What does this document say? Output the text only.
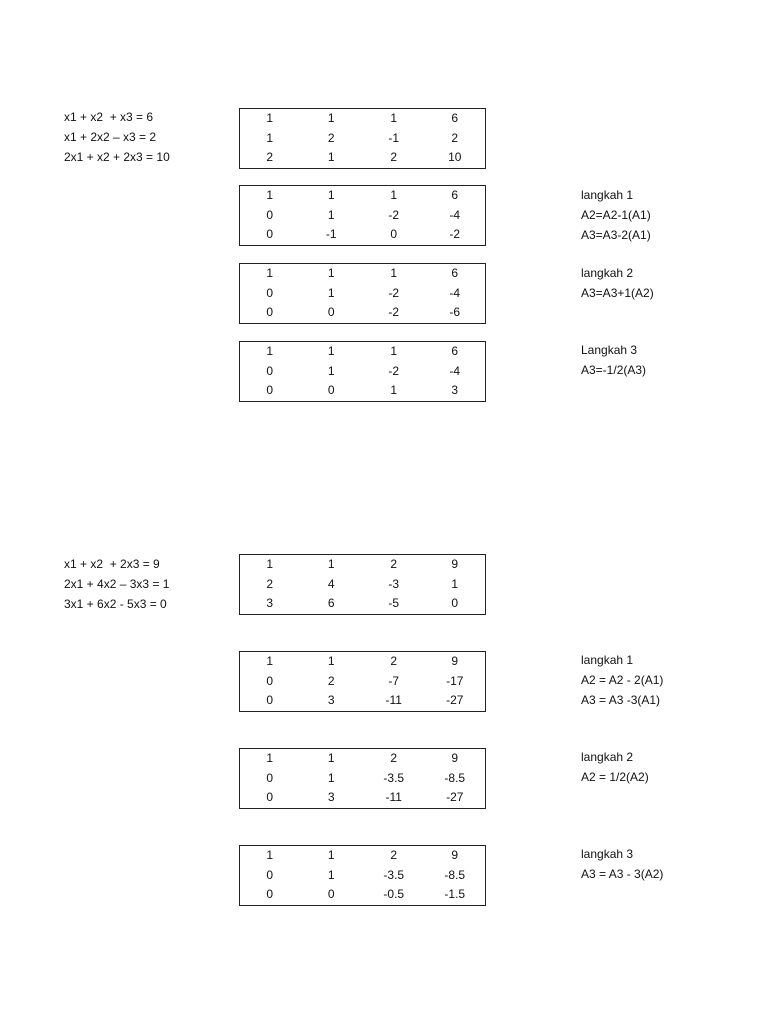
x1 + x2  + x3 = 6
x1 + 2x2 – x3 = 2
2x1 + x2 + 2x3 = 10
1	1	1	6
1	2	-1	2
2	1	2	10
1	1	1	6
0	1	-2	-4
0	-1	0	-2
langkah 1
A2=A2-1(A1)
A3=A3-2(A1)
1	1	1	6
0	1	-2	-4
0	0	-2	-6
langkah 2
A3=A3+1(A2)
1	1	1	6
0	1	-2	-4
0	0	1	3
Langkah 3
A3=-1/2(A3)
x1 + x2  + 2x3 = 9
2x1 + 4x2 – 3x3 = 1
3x1 + 6x2 - 5x3 = 0
1	1	2	9
2	4	-3	1
3	6	-5	0
1	1	2	9
0	2	-7	-17
0	3	-11	-27
langkah 1
A2 = A2 - 2(A1)
A3 = A3 -3(A1)
1	1	2	9
0	1	-3.5	-8.5
0	3	-11	-27
langkah 2
A2 = 1/2(A2)
1	1	2	9
0	1	-3.5	-8.5
0	0	-0.5	-1.5
langkah 3
A3 = A3 - 3(A2)
